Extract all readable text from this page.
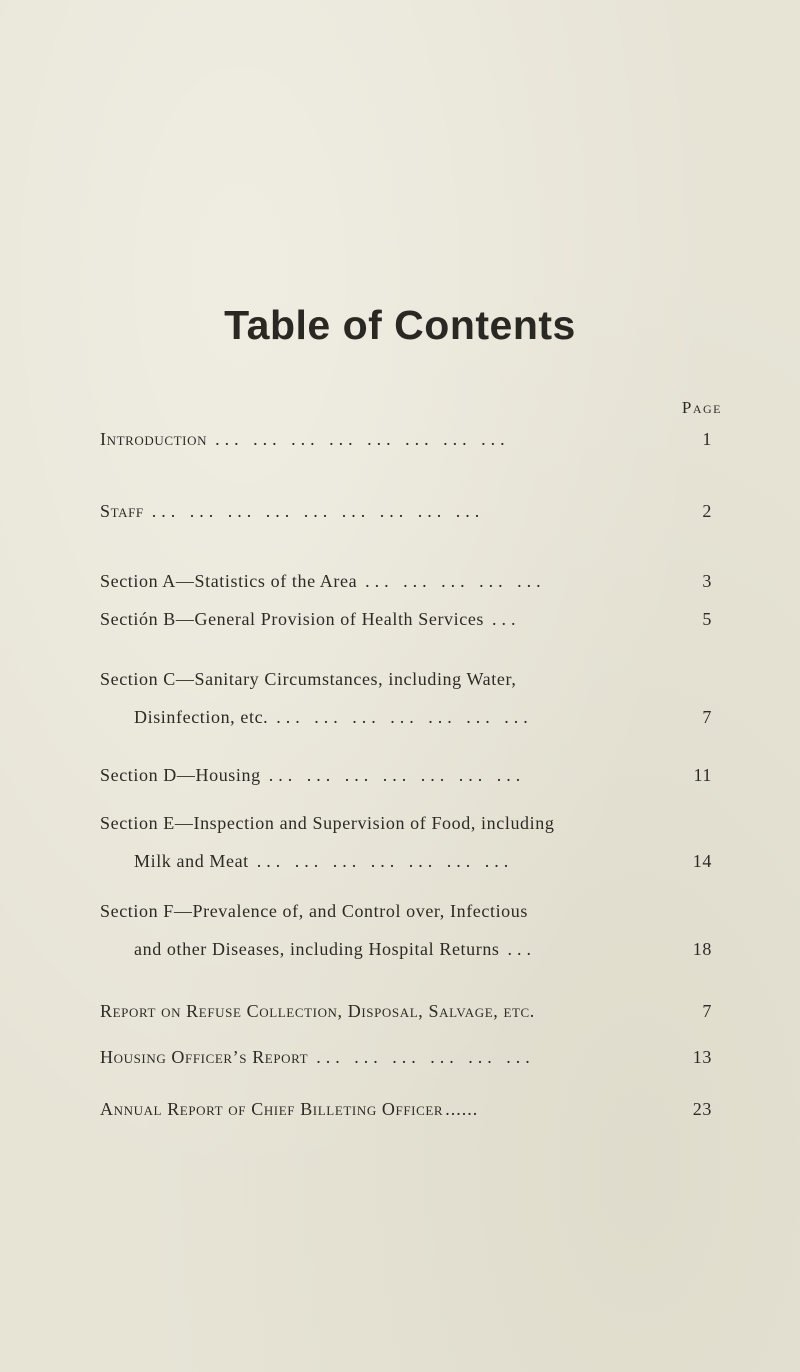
Table of Contents
Page
Introduction ... ... ... ... ... ... ... ...	1
Staff ... ... ... ... ... ... ... ... ...	2
Section A—Statistics of the Area ... ... ... ... ...	3
Sectión B—General Provision of Health Services ...	5
Section C—Sanitary Circumstances, including Water,
Disinfection, etc. ... ... ... ... ... ... ...	7
Section D—Housing ... ... ... ... ... ... ...	11
Section E—Inspection and Supervision of Food, including
Milk and Meat ... ... ... ... ... ... ...	14
Section F—Prevalence of, and Control over, Infectious
and other Diseases, including Hospital Returns ...	18
Report on Refuse Collection, Disposal, Salvage, etc.	7
Housing Officer’s Report ... ... ... ... ... ...	13
Annual Report of Chief Billeting Officer ......	23
